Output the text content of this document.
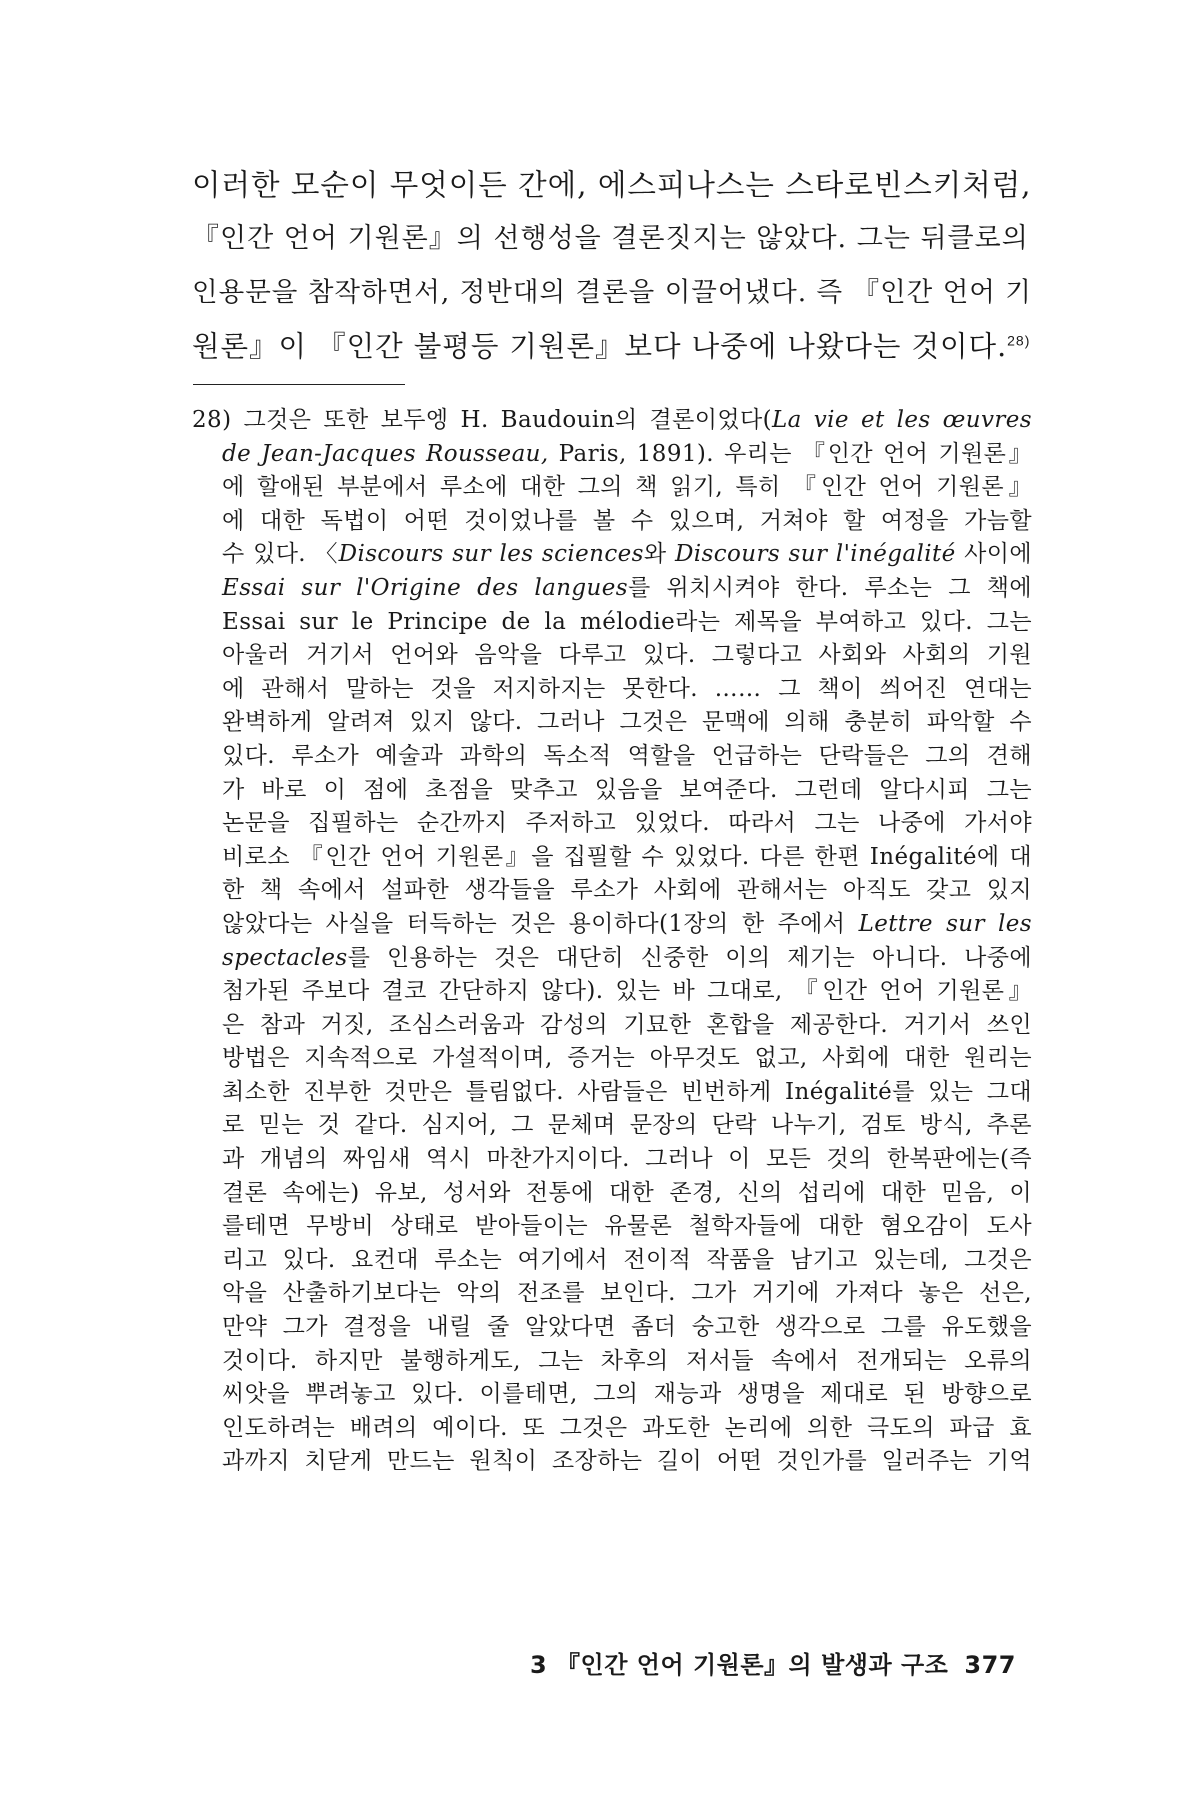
이러한 모순이 무엇이든 간에, 에스피나스는 스타로빈스키처럼,
『인간 언어 기원론』의 선행성을 결론짓지는 않았다. 그는 뒤클로의
인용문을 참작하면서, 정반대의 결론을 이끌어냈다. 즉 『인간 언어 기
원론』이 『인간 불평등 기원론』보다 나중에 나왔다는 것이다.$^{28)}$
28) 그것은 또한 보두엥 H. Baudouin의 결론이었다(La vie et les œuvres
de Jean-Jacques Rousseau, Paris, 1891). 우리는 『인간 언어 기원론』
에 할애된 부분에서 루소에 대한 그의 책 읽기, 특히 『인간 언어 기원론』
에 대한 독법이 어떤 것이었나를 볼 수 있으며, 거쳐야 할 여정을 가늠할
수 있다. 〈Discours sur les sciences와 Discours sur l'inégalité 사이에
Essai sur l'Origine des langues를 위치시켜야 한다. 루소는 그 책에
Essai sur le Principe de la mélodie라는 제목을 부여하고 있다. 그는
아울러 거기서 언어와 음악을 다루고 있다. 그렇다고 사회와 사회의 기원
에 관해서 말하는 것을 저지하지는 못한다. …… 그 책이 씌어진 연대는
완벽하게 알려져 있지 않다. 그러나 그것은 문맥에 의해 충분히 파악할 수
있다. 루소가 예술과 과학의 독소적 역할을 언급하는 단락들은 그의 견해
가 바로 이 점에 초점을 맞추고 있음을 보여준다. 그런데 알다시피 그는
논문을 집필하는 순간까지 주저하고 있었다. 따라서 그는 나중에 가서야
비로소 『인간 언어 기원론』을 집필할 수 있었다. 다른 한편 Inégalité에 대
한 책 속에서 설파한 생각들을 루소가 사회에 관해서는 아직도 갖고 있지
않았다는 사실을 터득하는 것은 용이하다(1장의 한 주에서 Lettre sur les
spectacles를 인용하는 것은 대단히 신중한 이의 제기는 아니다. 나중에
첨가된 주보다 결코 간단하지 않다). 있는 바 그대로, 『인간 언어 기원론』
은 참과 거짓, 조심스러움과 감성의 기묘한 혼합을 제공한다. 거기서 쓰인
방법은 지속적으로 가설적이며, 증거는 아무것도 없고, 사회에 대한 원리는
최소한 진부한 것만은 틀림없다. 사람들은 빈번하게 Inégalité를 있는 그대
로 믿는 것 같다. 심지어, 그 문체며 문장의 단락 나누기, 검토 방식, 추론
과 개념의 짜임새 역시 마찬가지이다. 그러나 이 모든 것의 한복판에는(즉
결론 속에는) 유보, 성서와 전통에 대한 존경, 신의 섭리에 대한 믿음, 이
를테면 무방비 상태로 받아들이는 유물론 철학자들에 대한 혐오감이 도사
리고 있다. 요컨대 루소는 여기에서 전이적 작품을 남기고 있는데, 그것은
악을 산출하기보다는 악의 전조를 보인다. 그가 거기에 가져다 놓은 선은,
만약 그가 결정을 내릴 줄 알았다면 좀더 숭고한 생각으로 그를 유도했을
것이다. 하지만 불행하게도, 그는 차후의 저서들 속에서 전개되는 오류의
씨앗을 뿌려놓고 있다. 이를테면, 그의 재능과 생명을 제대로 된 방향으로
인도하려는 배려의 예이다. 또 그것은 과도한 논리에 의한 극도의 파급 효
과까지 치닫게 만드는 원칙이 조장하는 길이 어떤 것인가를 일러주는 기억
3 『인간 언어 기원론』의 발생과 구조 377
